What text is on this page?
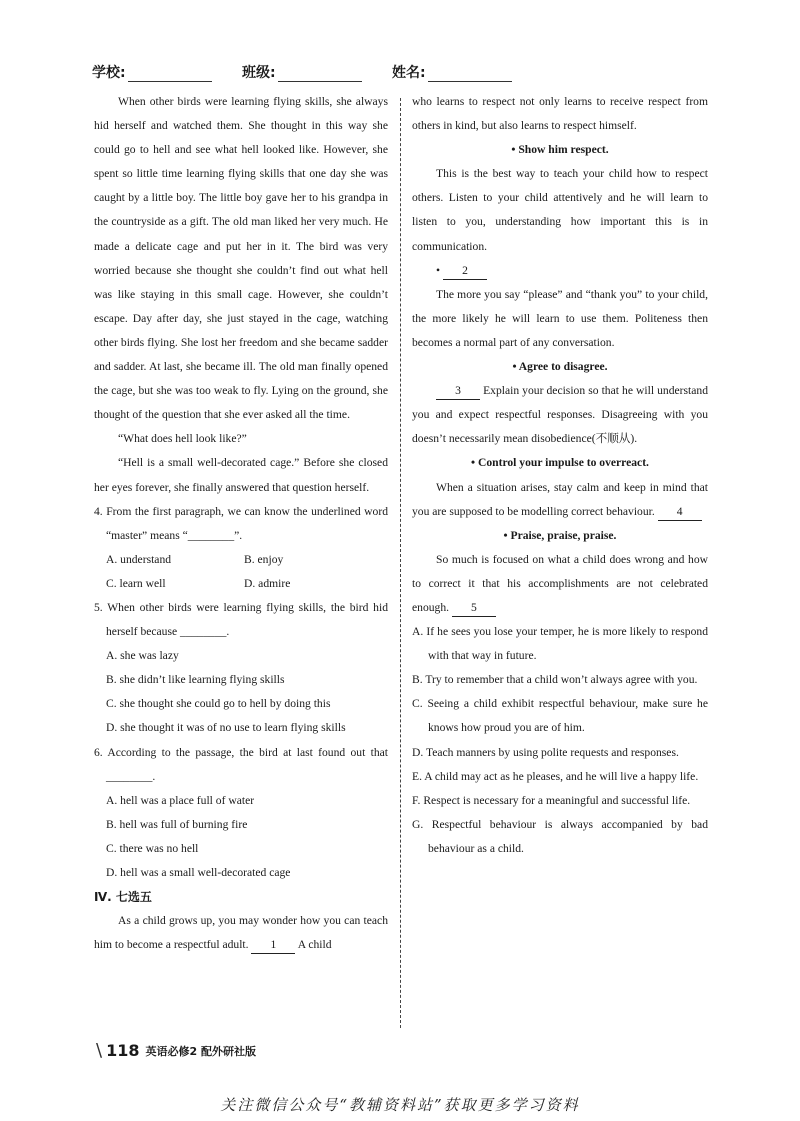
学校:	班级:	姓名:

When other birds were learning flying skills, she always hid herself and watched them. She thought in this way she could go to hell and see what hell looked like. However, she spent so little time learning flying skills that one day she was caught by a little boy. The little boy gave her to his grandpa in the countryside as a gift. The old man liked her very much. He made a delicate cage and put her in it. The bird was very worried because she thought she couldn’t find out what hell was like staying in this small cage. However, she couldn’t escape. Day after day, she just stayed in the cage, watching other birds flying. She lost her freedom and she became sadder and sadder. At last, she became ill. The old man finally opened the cage, but she was too weak to fly. Lying on the ground, she thought of the question that she ever asked all the time.

“What does hell look like?”

“Hell is a small well-decorated cage.” Before she closed her eyes forever, she finally answered that question herself.

4. From the first paragraph, we can know the underlined word “master” means “________”.
A. understand	B. enjoy
C. learn well	D. admire
5. When other birds were learning flying skills, the bird hid herself because ________.
A. she was lazy
B. she didn’t like learning flying skills
C. she thought she could go to hell by doing this
D. she thought it was of no use to learn flying skills
6. According to the passage, the bird at last found out that ________.
A. hell was a place full of water
B. hell was full of burning fire
C. there was no hell
D. hell was a small well-decorated cage
Ⅳ. 七选五

As a child grows up, you may wonder how you can teach him to become a respectful adult. 1 A child

who learns to respect not only learns to receive respect from others in kind, but also learns to respect himself.

• Show him respect.

This is the best way to teach your child how to respect others. Listen to your child attentively and he will learn to listen to you, understanding how important this is in communication.

• 2

The more you say “please” and “thank you” to your child, the more likely he will learn to use them. Politeness then becomes a normal part of any conversation.

• Agree to disagree.

3 Explain your decision so that he will understand you and expect respectful responses. Disagreeing with you doesn’t necessarily mean disobedience(不顺从).

• Control your impulse to overreact.

When a situation arises, stay calm and keep in mind that you are supposed to be modelling correct behaviour. 4

• Praise, praise, praise.

So much is focused on what a child does wrong and how to correct it that his accomplishments are not celebrated enough. 5

A. If he sees you lose your temper, he is more likely to respond with that way in future.
B. Try to remember that a child won’t always agree with you.
C. Seeing a child exhibit respectful behaviour, make sure he knows how proud you are of him.
D. Teach manners by using polite requests and responses.
E. A child may act as he pleases, and he will live a happy life.
F. Respect is necessary for a meaningful and successful life.
G. Respectful behaviour is always accompanied by bad behaviour as a child.
\ 118 英语必修2 配外研社版
关注微信公众号“教辅资料站”获取更多学习资料
